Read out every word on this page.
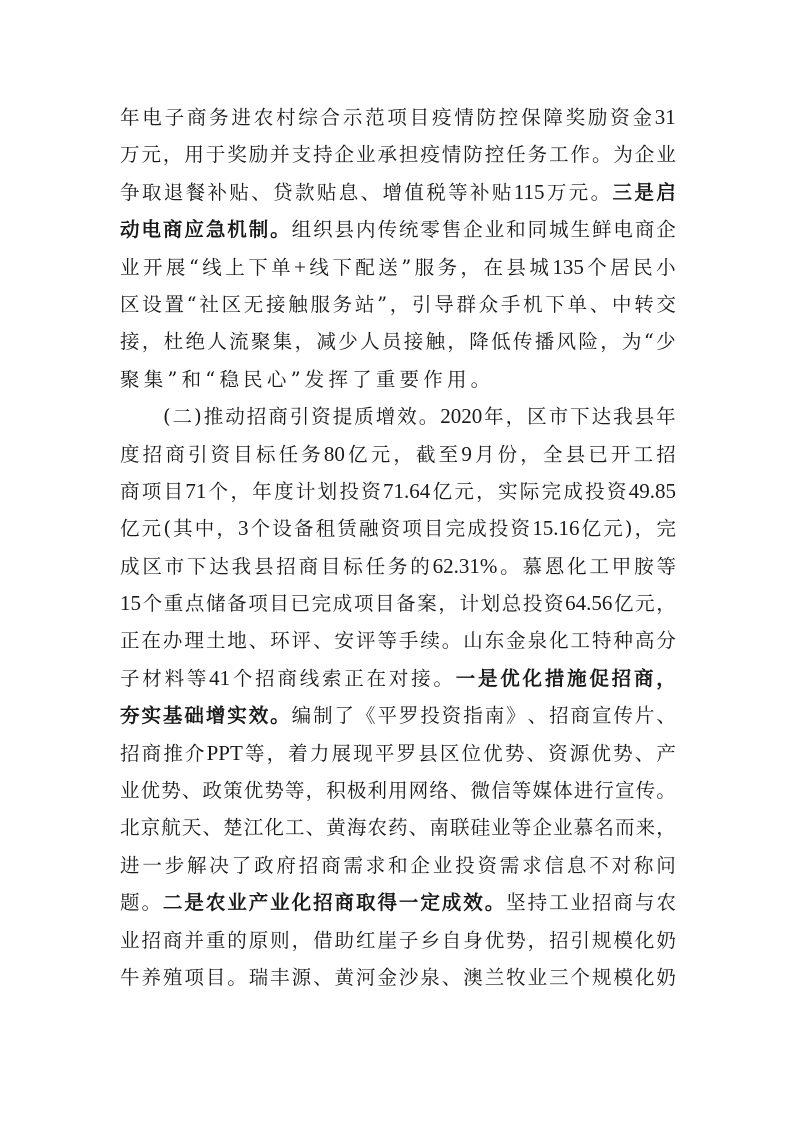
年 电 子 商 务 进 农 村 综 合 示 范 项 目 疫 情 防 控 保 障 奖 励 资 金 31
万 元 ， 用 于 奖 励 并 支 持 企 业 承 担 疫 情 防 控 任 务 工 作 。 为 企 业
争 取 退 餐 补 贴 、 贷 款 贴 息 、 增 值 税 等 补 贴 115 万 元 。 三 是 启
动 电 商 应 急 机 制 。 组 织 县 内 传 统 零 售 企 业 和 同 城 生 鲜 电 商 企
业 开 展 “ 线 上 下 单 + 线 下 配 送 ” 服 务 ， 在 县 城 135 个 居 民 小
区 设 置 “ 社 区 无 接 触 服 务 站 ” ， 引 导 群 众 手 机 下 单 、 中 转 交
接 ， 杜 绝 人 流 聚 集 ， 减 少 人 员 接 触 ， 降 低 传 播 风 险 ， 为 “ 少
聚 集 ” 和 “ 稳 民 心 ” 发 挥 了 重 要 作 用 。
( 二 ) 推 动 招 商 引 资 提 质 增 效 。 2020 年 ， 区 市 下 达 我 县 年
度 招 商 引 资 目 标 任 务 80 亿 元 ， 截 至 9 月 份 ， 全 县 已 开 工 招
商 项 目 71 个 ， 年 度 计 划 投 资 71.64 亿 元 ， 实 际 完 成 投 资 49.85
亿 元 ( 其 中 ， 3 个 设 备 租 赁 融 资 项 目 完 成 投 资 15.16 亿 元 ) ， 完
成 区 市 下 达 我 县 招 商 目 标 任 务 的 62.31% 。 慕 恩 化 工 甲 胺 等
15 个 重 点 储 备 项 目 已 完 成 项 目 备 案 ， 计 划 总 投 资 64.56 亿 元 ，
正 在 办 理 土 地 、 环 评 、 安 评 等 手 续 。 山 东 金 泉 化 工 特 种 高 分
子 材 料 等 41 个 招 商 线 索 正 在 对 接 。 一 是 优 化 措 施 促 招 商 ，
夯 实 基 础 增 实 效 。 编 制 了 《 平 罗 投 资 指 南 》 、 招 商 宣 传 片 、
招 商 推 介 PPT 等 ， 着 力 展 现 平 罗 县 区 位 优 势 、 资 源 优 势 、 产
业 优 势 、 政 策 优 势 等 ， 积 极 利 用 网 络 、 微 信 等 媒 体 进 行 宣 传 。
北 京 航 天 、 楚 江 化 工 、 黄 海 农 药 、 南 联 硅 业 等 企 业 慕 名 而 来 ，
进 一 步 解 决 了 政 府 招 商 需 求 和 企 业 投 资 需 求 信 息 不 对 称 问
题 。 二 是 农 业 产 业 化 招 商 取 得 一 定 成 效 。 坚 持 工 业 招 商 与 农
业 招 商 并 重 的 原 则 ， 借 助 红 崖 子 乡 自 身 优 势 ， 招 引 规 模 化 奶
牛 养 殖 项 目 。 瑞 丰 源 、 黄 河 金 沙 泉 、 澳 兰 牧 业 三 个 规 模 化 奶
